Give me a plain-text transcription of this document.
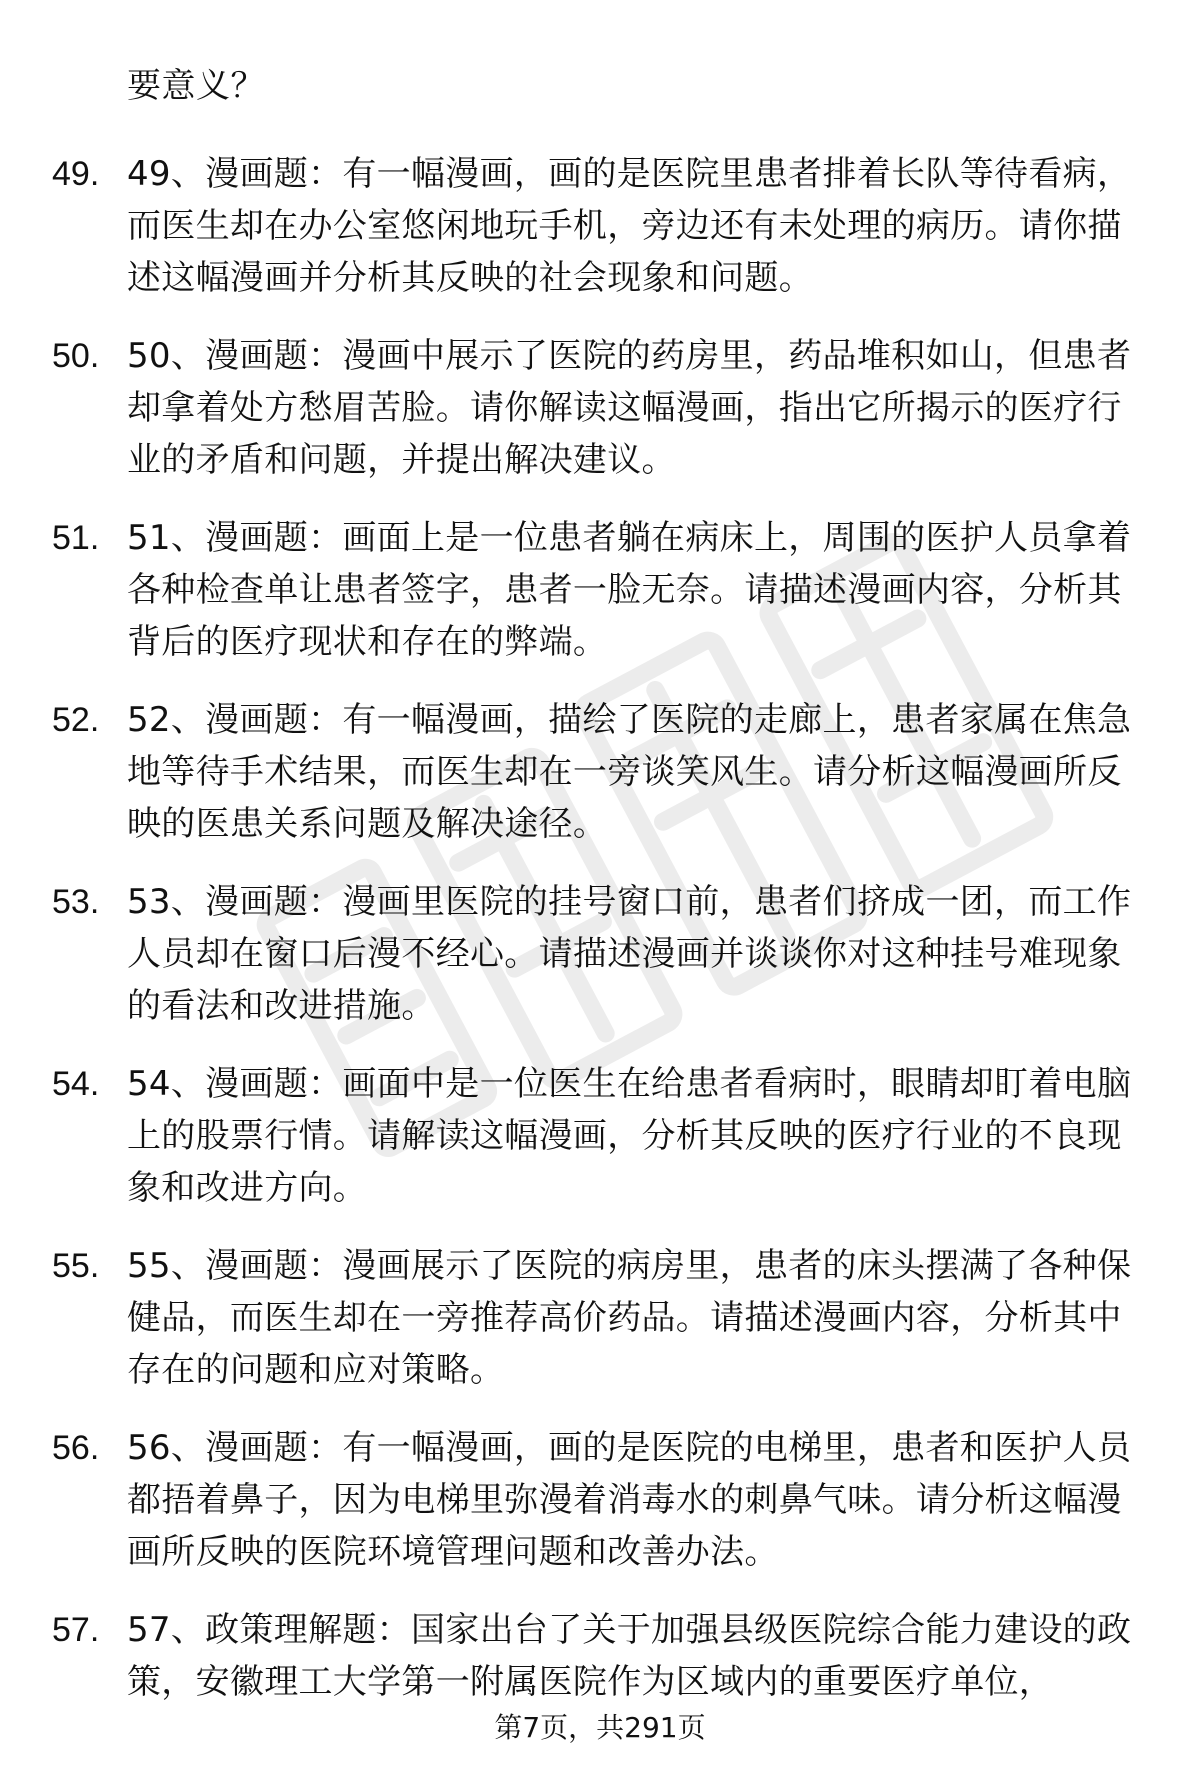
要意义？
49. 49、漫画题：有一幅漫画，画的是医院里患者排着长队等待看病，而医生却在办公室悠闲地玩手机，旁边还有未处理的病历。请你描述这幅漫画并分析其反映的社会现象和问题。
50. 50、漫画题：漫画中展示了医院的药房里，药品堆积如山，但患者却拿着处方愁眉苦脸。请你解读这幅漫画，指出它所揭示的医疗行业的矛盾和问题，并提出解决建议。
51. 51、漫画题：画面上是一位患者躺在病床上，周围的医护人员拿着各种检查单让患者签字，患者一脸无奈。请描述漫画内容，分析其背后的医疗现状和存在的弊端。
52. 52、漫画题：有一幅漫画，描绘了医院的走廊上，患者家属在焦急地等待手术结果，而医生却在一旁谈笑风生。请分析这幅漫画所反映的医患关系问题及解决途径。
53. 53、漫画题：漫画里医院的挂号窗口前，患者们挤成一团，而工作人员却在窗口后漫不经心。请描述漫画并谈谈你对这种挂号难现象的看法和改进措施。
54. 54、漫画题：画面中是一位医生在给患者看病时，眼睛却盯着电脑上的股票行情。请解读这幅漫画，分析其反映的医疗行业的不良现象和改进方向。
55. 55、漫画题：漫画展示了医院的病房里，患者的床头摆满了各种保健品，而医生却在一旁推荐高价药品。请描述漫画内容，分析其中存在的问题和应对策略。
56. 56、漫画题：有一幅漫画，画的是医院的电梯里，患者和医护人员都捂着鼻子，因为电梯里弥漫着消毒水的刺鼻气味。请分析这幅漫画所反映的医院环境管理问题和改善办法。
57. 57、政策理解题：国家出台了关于加强县级医院综合能力建设的政策，安徽理工大学第一附属医院作为区域内的重要医疗单位，
第7页，共291页
